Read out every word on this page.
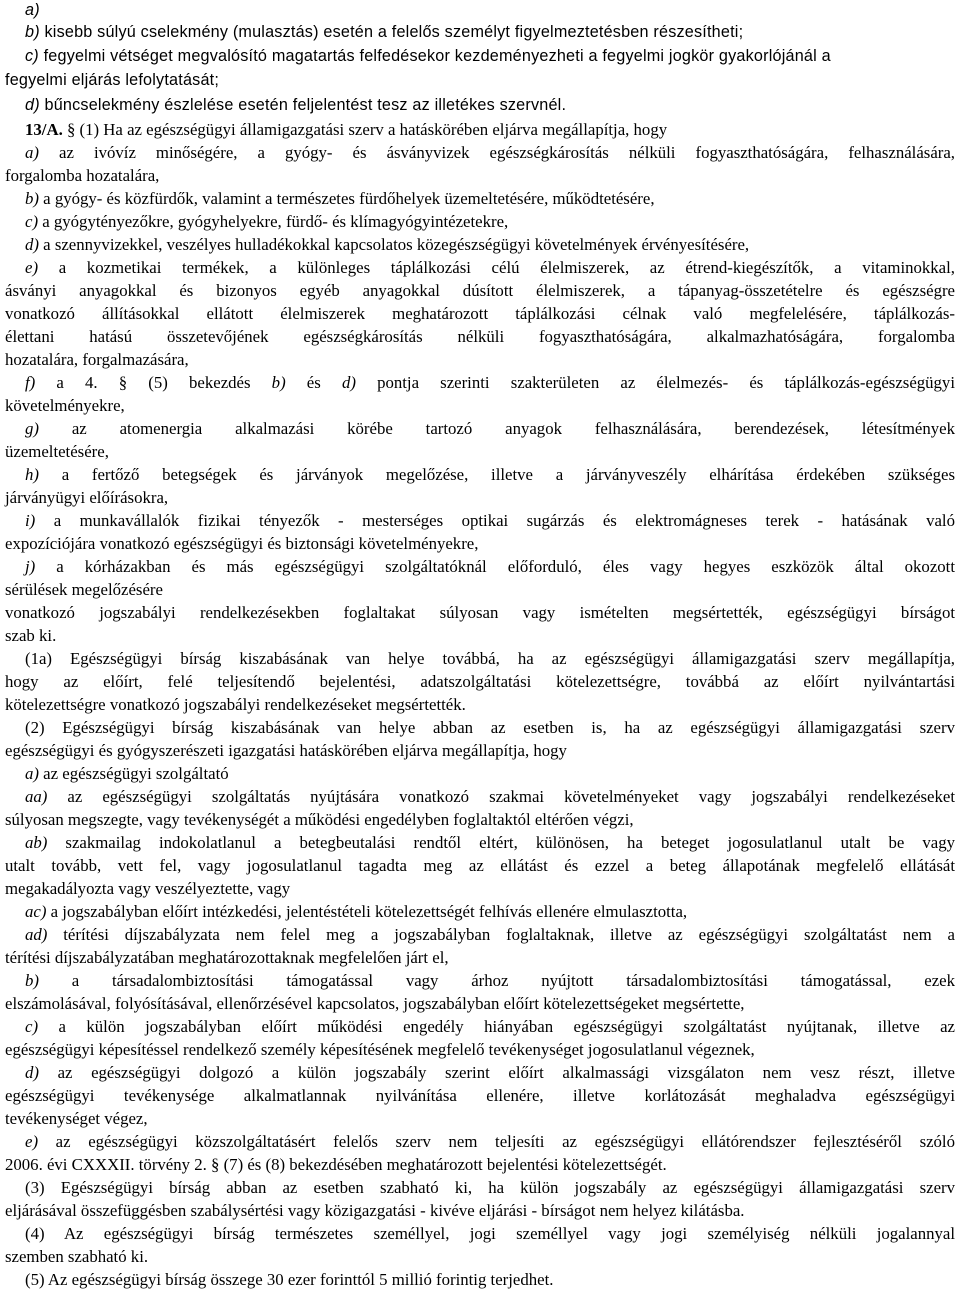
a)
b) kisebb súlyú cselekmény (mulasztás) esetén a felelős személyt figyelmeztetésben részesítheti;
c) fegyelmi vétséget megvalósító magatartás felfedésekor kezdeményezheti a fegyelmi jogkör gyakorlójánál a
fegyelmi eljárás lefolytatását;
d) bűncselekmény észlelése esetén feljelentést tesz az illetékes szervnél.
13/A. § (1) Ha az egészségügyi államigazgatási szerv a hatáskörében eljárva megállapítja, hogy
a) az ivóvíz minőségére, a gyógy- és ásványvizek egészségkárosítás nélküli fogyaszthatóságára, felhasználására,
forgalomba hozatalára,
b) a gyógy- és közfürdők, valamint a természetes fürdőhelyek üzemeltetésére, működtetésére,
c) a gyógytényezőkre, gyógyhelyekre, fürdő- és klímagyógyintézetekre,
d) a szennyvizekkel, veszélyes hulladékokkal kapcsolatos közegészségügyi követelmények érvényesítésére,
e) a kozmetikai termékek, a különleges táplálkozási célú élelmiszerek, az étrend-kiegészítők, a vitaminokkal,
ásványi anyagokkal és bizonyos egyéb anyagokkal dúsított élelmiszerek, a tápanyag-összetételre és egészségre
vonatkozó állításokkal ellátott élelmiszerek meghatározott táplálkozási célnak való megfelelésére, táplálkozás-
élettani hatású összetevőjének egészségkárosítás nélküli fogyaszthatóságára, alkalmazhatóságára, forgalomba
hozatalára, forgalmazására,
f) a 4. § (5) bekezdés b) és d) pontja szerinti szakterületen az élelmezés- és táplálkozás-egészségügyi
követelményekre,
g) az atomenergia alkalmazási körébe tartozó anyagok felhasználására, berendezések, létesítmények
üzemeltetésére,
h) a fertőző betegségek és járványok megelőzése, illetve a járványveszély elhárítása érdekében szükséges
járványügyi előírásokra,
i) a munkavállalók fizikai tényezők - mesterséges optikai sugárzás és elektromágneses terek - hatásának való
expozíciójára vonatkozó egészségügyi és biztonsági követelményekre,
j) a kórházakban és más egészségügyi szolgáltatóknál előforduló, éles vagy hegyes eszközök által okozott
sérülések megelőzésére
vonatkozó jogszabályi rendelkezésekben foglaltakat súlyosan vagy ismételten megsértették, egészségügyi bírságot
szab ki.
(1a) Egészségügyi bírság kiszabásának van helye továbbá, ha az egészségügyi államigazgatási szerv megállapítja,
hogy az előírt, felé teljesítendő bejelentési, adatszolgáltatási kötelezettségre, továbbá az előírt nyilvántartási
kötelezettségre vonatkozó jogszabályi rendelkezéseket megsértették.
(2) Egészségügyi bírság kiszabásának van helye abban az esetben is, ha az egészségügyi államigazgatási szerv
egészségügyi és gyógyszerészeti igazgatási hatáskörében eljárva megállapítja, hogy
a) az egészségügyi szolgáltató
aa) az egészségügyi szolgáltatás nyújtására vonatkozó szakmai követelményeket vagy jogszabályi rendelkezéseket
súlyosan megszegte, vagy tevékenységét a működési engedélyben foglaltaktól eltérően végzi,
ab) szakmailag indokolatlanul a betegbeutalási rendtől eltért, különösen, ha beteget jogosulatlanul utalt be vagy
utalt tovább, vett fel, vagy jogosulatlanul tagadta meg az ellátást és ezzel a beteg állapotának megfelelő ellátását
megakadályozta vagy veszélyeztette, vagy
ac) a jogszabályban előírt intézkedési, jelentéstételi kötelezettségét felhívás ellenére elmulasztotta,
ad) térítési díjszabályzata nem felel meg a jogszabályban foglaltaknak, illetve az egészségügyi szolgáltatást nem a
térítési díjszabályzatában meghatározottaknak megfelelően járt el,
b) a társadalombiztosítási támogatással vagy árhoz nyújtott társadalombiztosítási támogatással, ezek
elszámolásával, folyósításával, ellenőrzésével kapcsolatos, jogszabályban előírt kötelezettségeket megsértette,
c) a külön jogszabályban előírt működési engedély hiányában egészségügyi szolgáltatást nyújtanak, illetve az
egészségügyi képesítéssel rendelkező személy képesítésének megfelelő tevékenységet jogosulatlanul végeznek,
d) az egészségügyi dolgozó a külön jogszabály szerint előírt alkalmassági vizsgálaton nem vesz részt, illetve
egészségügyi tevékenysége alkalmatlannak nyilvánítása ellenére, illetve korlátozását meghaladva egészségügyi
tevékenységet végez,
e) az egészségügyi közszolgáltatásért felelős szerv nem teljesíti az egészségügyi ellátórendszer fejlesztéséről szóló
2006. évi CXXXII. törvény 2. § (7) és (8) bekezdésében meghatározott bejelentési kötelezettségét.
(3) Egészségügyi bírság abban az esetben szabható ki, ha külön jogszabály az egészségügyi államigazgatási szerv
eljárásával összefüggésben szabálysértési vagy közigazgatási - kivéve eljárási - bírságot nem helyez kilátásba.
(4) Az egészségügyi bírság természetes személlyel, jogi személlyel vagy jogi személyiség nélküli jogalannyal
szemben szabható ki.
(5) Az egészségügyi bírság összege 30 ezer forinttól 5 millió forintig terjedhet.
